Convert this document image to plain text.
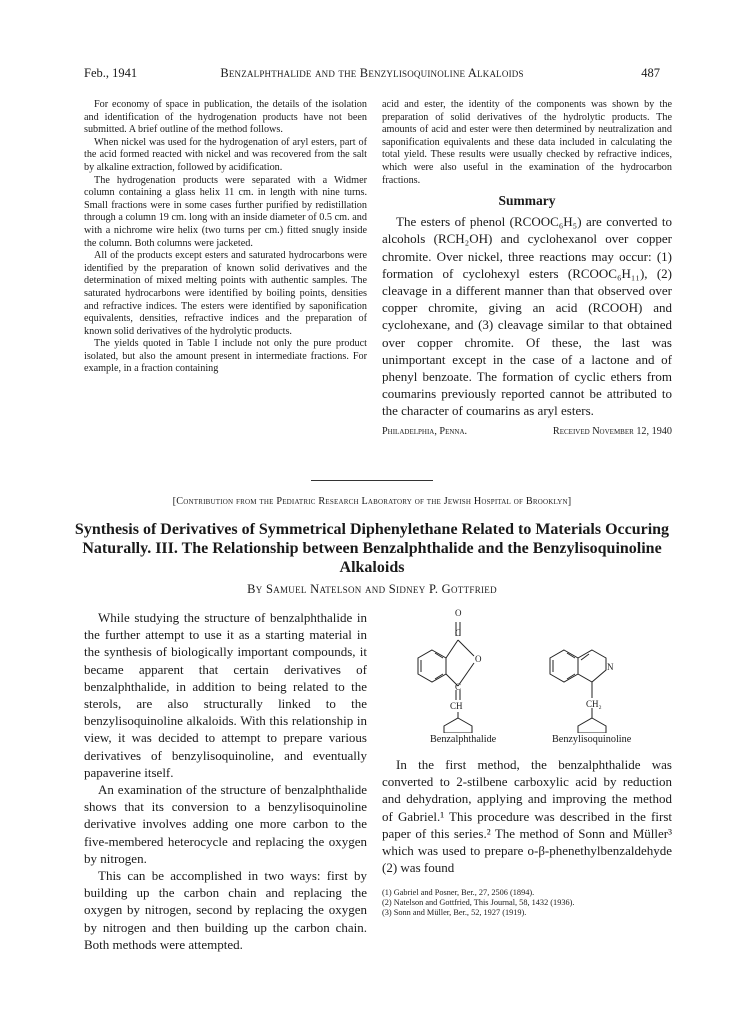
Feb., 1941	Benzalphthalide and the Benzylisoquinoline Alkaloids	487

For economy of space in publication, the details of the isolation and identification of the hydrogenation products have not been submitted. A brief outline of the method follows.

When nickel was used for the hydrogenation of aryl esters, part of the acid formed reacted with nickel and was recovered from the salt by alkaline extraction, followed by acidification.

The hydrogenation products were separated with a Widmer column containing a glass helix 11 cm. in length with nine turns. Small fractions were in some cases further purified by redistillation through a column 19 cm. long with an inside diameter of 0.5 cm. and with a nichrome wire helix (two turns per cm.) fitted snugly inside the column. Both columns were jacketed.

All of the products except esters and saturated hydrocarbons were identified by the preparation of known solid derivatives and the determination of mixed melting points with authentic samples. The saturated hydrocarbons were identified by boiling points, densities and refractive indices. The esters were identified by saponification equivalents, densities, refractive indices and the preparation of known solid derivatives of the hydrolytic products.

The yields quoted in Table I include not only the pure product isolated, but also the amount present in intermediate fractions. For example, in a fraction containing

acid and ester, the identity of the components was shown by the preparation of solid derivatives of the hydrolytic products. The amounts of acid and ester were then determined by neutralization and saponification equivalents and these data included in calculating the total yield. These results were usually checked by refractive indices, which were also useful in the examination of the hydrocarbon fractions.

Summary

The esters of phenol (RCOOC₆H₅) are converted to alcohols (RCH₂OH) and cyclohexanol over copper chromite. Over nickel, three reactions may occur: (1) formation of cyclohexyl esters (RCOOC₆H₁₁), (2) cleavage in a different manner than that observed over copper chromite, giving an acid (RCOOH) and cyclohexane, and (3) cleavage similar to that obtained over copper chromite. Of these, the last was unimportant except in the case of a lactone and of phenyl benzoate. The formation of cyclic ethers from coumarins previously reported cannot be attributed to the character of coumarins as aryl esters.

Philadelphia, Penna.	Received November 12, 1940
[Contribution from the Pediatric Research Laboratory of the Jewish Hospital of Brooklyn]
Synthesis of Derivatives of Symmetrical Diphenylethane Related to Materials Occuring Naturally. III. The Relationship between Benzalphthalide and the Benzylisoquinoline Alkaloids
By Samuel Natelson and Sidney P. Gottfried

While studying the structure of benzalphthalide in the further attempt to use it as a starting material in the synthesis of biologically important compounds, it became apparent that certain derivatives of benzalphthalide, in addition to being related to the sterols, are also structurally linked to the benzylisoquinoline alkaloids. With this relationship in view, it was decided to attempt to prepare various derivatives of benzylisoquinoline, and eventually papaverine itself.

An examination of the structure of benzalphthalide shows that its conversion to a benzylisoquinoline derivative involves adding one more carbon to the five-membered heterocycle and replacing the oxygen by nitrogen.

This can be accomplished in two ways: first by building up the carbon chain and replacing the oxygen by nitrogen, second by replacing the oxygen by nitrogen and then building up the carbon chain. Both methods were attempted.

O
C
O
C
CH
N
CH₂
Benzalphthalide	Benzylisoquinoline

In the first method, the benzalphthalide was converted to 2-stilbene carboxylic acid by reduction and dehydration, applying and improving the method of Gabriel.¹ This procedure was described in the first paper of this series.² The method of Sonn and Müller³ which was used to prepare o-β-phenethylbenzaldehyde (2) was found

(1) Gabriel and Posner, Ber., 27, 2506 (1894).
(2) Natelson and Gottfried, This Journal, 58, 1432 (1936).
(3) Sonn and Müller, Ber., 52, 1927 (1919).
